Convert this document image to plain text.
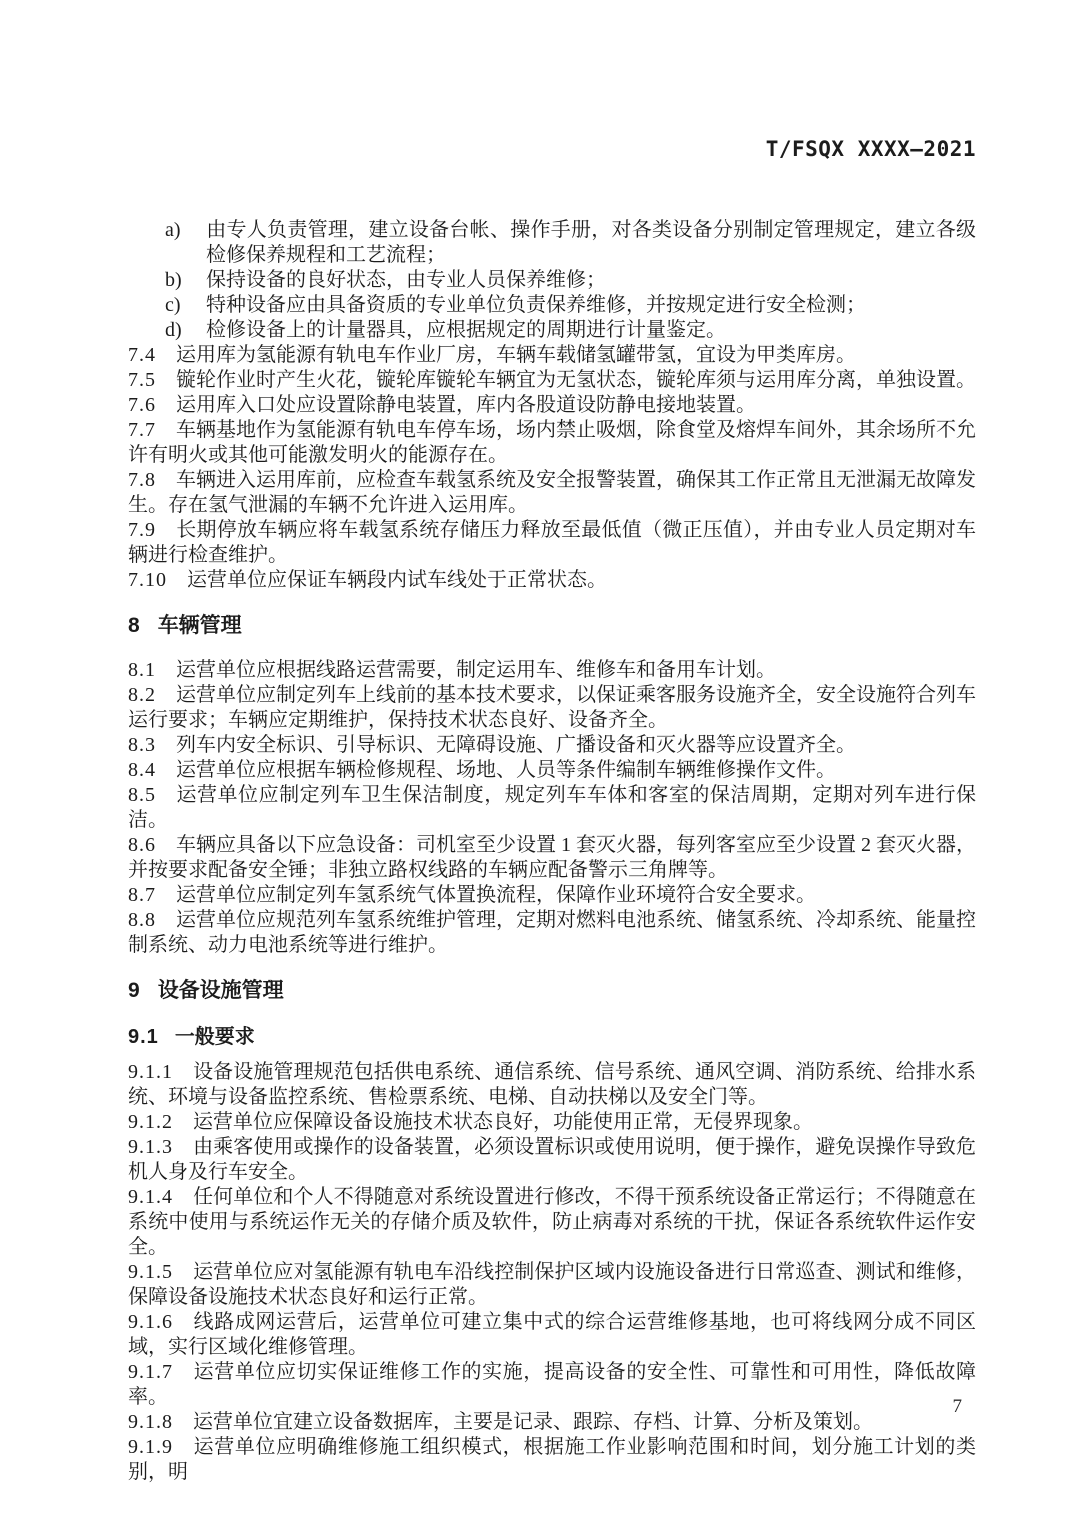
T/FSQX XXXX—2021

a) 由专人负责管理，建立设备台帐、操作手册，对各类设备分别制定管理规定，建立各级检修保养规程和工艺流程；

b) 保持设备的良好状态，由专业人员保养维修；

c) 特种设备应由具备资质的专业单位负责保养维修，并按规定进行安全检测；

d) 检修设备上的计量器具，应根据规定的周期进行计量鉴定。

7.4 运用库为氢能源有轨电车作业厂房，车辆车载储氢罐带氢，宜设为甲类库房。

7.5 镟轮作业时产生火花，镟轮库镟轮车辆宜为无氢状态，镟轮库须与运用库分离，单独设置。

7.6 运用库入口处应设置除静电装置，库内各股道设防静电接地装置。

7.7 车辆基地作为氢能源有轨电车停车场，场内禁止吸烟，除食堂及熔焊车间外，其余场所不允许有明火或其他可能激发明火的能源存在。

7.8 车辆进入运用库前，应检查车载氢系统及安全报警装置，确保其工作正常且无泄漏无故障发生。存在氢气泄漏的车辆不允许进入运用库。

7.9 长期停放车辆应将车载氢系统存储压力释放至最低值（微正压值），并由专业人员定期对车辆进行检查维护。

7.10 运营单位应保证车辆段内试车线处于正常状态。

8 车辆管理

8.1 运营单位应根据线路运营需要，制定运用车、维修车和备用车计划。

8.2 运营单位应制定列车上线前的基本技术要求，以保证乘客服务设施齐全，安全设施符合列车运行要求；车辆应定期维护，保持技术状态良好、设备齐全。

8.3 列车内安全标识、引导标识、无障碍设施、广播设备和灭火器等应设置齐全。

8.4 运营单位应根据车辆检修规程、场地、人员等条件编制车辆维修操作文件。

8.5 运营单位应制定列车卫生保洁制度，规定列车车体和客室的保洁周期，定期对列车进行保洁。

8.6 车辆应具备以下应急设备：司机室至少设置 1 套灭火器，每列客室应至少设置 2 套灭火器，并按要求配备安全锤；非独立路权线路的车辆应配备警示三角牌等。

8.7 运营单位应制定列车氢系统气体置换流程，保障作业环境符合安全要求。

8.8 运营单位应规范列车氢系统维护管理，定期对燃料电池系统、储氢系统、冷却系统、能量控制系统、动力电池系统等进行维护。

9 设备设施管理

9.1 一般要求

9.1.1 设备设施管理规范包括供电系统、通信系统、信号系统、通风空调、消防系统、给排水系统、环境与设备监控系统、售检票系统、电梯、自动扶梯以及安全门等。

9.1.2 运营单位应保障设备设施技术状态良好，功能使用正常，无侵界现象。

9.1.3 由乘客使用或操作的设备装置，必须设置标识或使用说明，便于操作，避免误操作导致危机人身及行车安全。

9.1.4 任何单位和个人不得随意对系统设置进行修改，不得干预系统设备正常运行；不得随意在系统中使用与系统运作无关的存储介质及软件，防止病毒对系统的干扰，保证各系统软件运作安全。

9.1.5 运营单位应对氢能源有轨电车沿线控制保护区域内设施设备进行日常巡查、测试和维修，保障设备设施技术状态良好和运行正常。

9.1.6 线路成网运营后，运营单位可建立集中式的综合运营维修基地，也可将线网分成不同区域，实行区域化维修管理。

9.1.7 运营单位应切实保证维修工作的实施，提高设备的安全性、可靠性和可用性，降低故障率。

9.1.8 运营单位宜建立设备数据库，主要是记录、跟踪、存档、计算、分析及策划。

9.1.9 运营单位应明确维修施工组织模式，根据施工作业影响范围和时间，划分施工计划的类别，明

7
